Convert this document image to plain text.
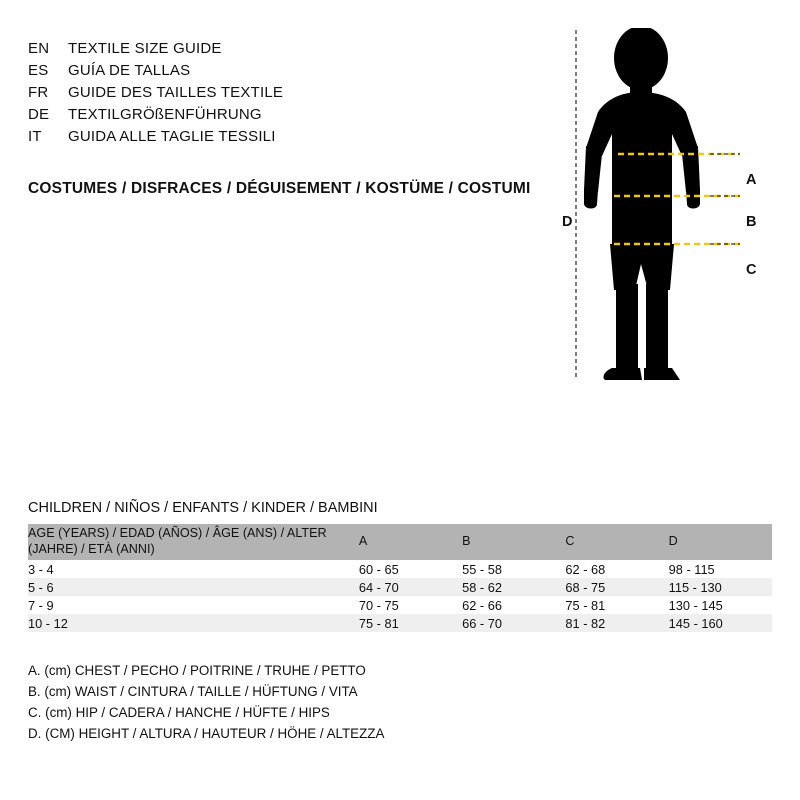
EN	TEXTILE SIZE GUIDE
ES	GUÍA DE TALLAS
FR	GUIDE DES TAILLES TEXTILE
DE	TEXTILGRÖßENFÜHRUNG
IT	GUIDA ALLE TAGLIE TESSILI
COSTUMES / DISFRACES / DÉGUISEMENT / KOSTÜME / COSTUMI	A
B
C
D
CHILDREN / NIÑOS / ENFANTS / KINDER / BAMBINI
AGE (YEARS) / EDAD (AÑOS) / ÂGE (ANS) / ALTER (JAHRE) / ETÀ (ANNI)	A	B	C	D
3 - 4	60 - 65	55 - 58	62 - 68	98 - 115
5 - 6	64 - 70	58 - 62	68 - 75	115 - 130
7 - 9	70 - 75	62 - 66	75 - 81	130 - 145
10 - 12	75 - 81	66 - 70	81 - 82	145 - 160
A. (cm) CHEST / PECHO / POITRINE / TRUHE / PETTO
B. (cm) WAIST / CINTURA / TAILLE / HÜFTUNG / VITA
C. (cm) HIP / CADERA / HANCHE / HÜFTE / HIPS
D. (CM) HEIGHT / ALTURA / HAUTEUR / HÖHE / ALTEZZA
